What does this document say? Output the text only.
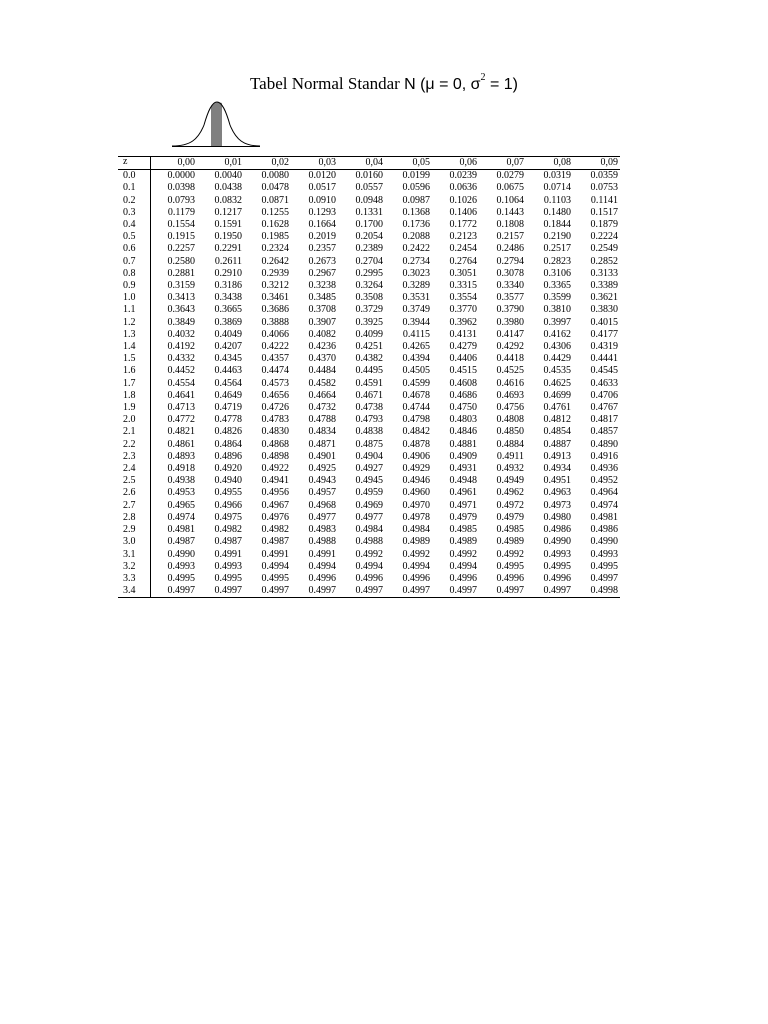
Tabel Normal Standar N (μ = 0, $\sigma^2 = 1$)
z	0,00	0,01	0,02	0,03	0,04	0,05	0,06	0,07	0,08	0,09
0.0	0.0000	0.0040	0.0080	0.0120	0.0160	0.0199	0.0239	0.0279	0.0319	0.0359
0.1	0.0398	0.0438	0.0478	0.0517	0.0557	0.0596	0.0636	0.0675	0.0714	0.0753
0.2	0.0793	0.0832	0.0871	0.0910	0.0948	0.0987	0.1026	0.1064	0.1103	0.1141
0.3	0.1179	0.1217	0.1255	0.1293	0.1331	0.1368	0.1406	0.1443	0.1480	0.1517
0.4	0.1554	0.1591	0.1628	0.1664	0.1700	0.1736	0.1772	0.1808	0.1844	0.1879
0.5	0.1915	0.1950	0.1985	0.2019	0.2054	0.2088	0.2123	0.2157	0.2190	0.2224
0.6	0.2257	0.2291	0.2324	0.2357	0.2389	0.2422	0.2454	0.2486	0.2517	0.2549
0.7	0.2580	0.2611	0.2642	0.2673	0.2704	0.2734	0.2764	0.2794	0.2823	0.2852
0.8	0.2881	0.2910	0.2939	0.2967	0.2995	0.3023	0.3051	0.3078	0.3106	0.3133
0.9	0.3159	0.3186	0.3212	0.3238	0.3264	0.3289	0.3315	0.3340	0.3365	0.3389
1.0	0.3413	0.3438	0.3461	0.3485	0.3508	0.3531	0.3554	0.3577	0.3599	0.3621
1.1	0.3643	0.3665	0.3686	0.3708	0.3729	0.3749	0.3770	0.3790	0.3810	0.3830
1.2	0.3849	0.3869	0.3888	0.3907	0.3925	0.3944	0.3962	0.3980	0.3997	0.4015
1.3	0.4032	0.4049	0.4066	0.4082	0.4099	0.4115	0.4131	0.4147	0.4162	0.4177
1.4	0.4192	0.4207	0.4222	0.4236	0.4251	0.4265	0.4279	0.4292	0.4306	0.4319
1.5	0.4332	0.4345	0.4357	0.4370	0.4382	0.4394	0.4406	0.4418	0.4429	0.4441
1.6	0.4452	0.4463	0.4474	0.4484	0.4495	0.4505	0.4515	0.4525	0.4535	0.4545
1.7	0.4554	0.4564	0.4573	0.4582	0.4591	0.4599	0.4608	0.4616	0.4625	0.4633
1.8	0.4641	0.4649	0.4656	0.4664	0.4671	0.4678	0.4686	0.4693	0.4699	0.4706
1.9	0.4713	0.4719	0.4726	0.4732	0.4738	0.4744	0.4750	0.4756	0.4761	0.4767
2.0	0.4772	0.4778	0.4783	0.4788	0.4793	0.4798	0.4803	0.4808	0.4812	0.4817
2.1	0.4821	0.4826	0.4830	0.4834	0.4838	0.4842	0.4846	0.4850	0.4854	0.4857
2.2	0.4861	0.4864	0.4868	0.4871	0.4875	0.4878	0.4881	0.4884	0.4887	0.4890
2.3	0.4893	0.4896	0.4898	0.4901	0.4904	0.4906	0.4909	0.4911	0.4913	0.4916
2.4	0.4918	0.4920	0.4922	0.4925	0.4927	0.4929	0.4931	0.4932	0.4934	0.4936
2.5	0.4938	0.4940	0.4941	0.4943	0.4945	0.4946	0.4948	0.4949	0.4951	0.4952
2.6	0.4953	0.4955	0.4956	0.4957	0.4959	0.4960	0.4961	0.4962	0.4963	0.4964
2.7	0.4965	0.4966	0.4967	0.4968	0.4969	0.4970	0.4971	0.4972	0.4973	0.4974
2.8	0.4974	0.4975	0.4976	0.4977	0.4977	0.4978	0.4979	0.4979	0.4980	0.4981
2.9	0.4981	0.4982	0.4982	0.4983	0.4984	0.4984	0.4985	0.4985	0.4986	0.4986
3.0	0.4987	0.4987	0.4987	0.4988	0.4988	0.4989	0.4989	0.4989	0.4990	0.4990
3.1	0.4990	0.4991	0.4991	0.4991	0.4992	0.4992	0.4992	0.4992	0.4993	0.4993
3.2	0.4993	0.4993	0.4994	0.4994	0.4994	0.4994	0.4994	0.4995	0.4995	0.4995
3.3	0.4995	0.4995	0.4995	0.4996	0.4996	0.4996	0.4996	0.4996	0.4996	0.4997
3.4	0.4997	0.4997	0.4997	0.4997	0.4997	0.4997	0.4997	0.4997	0.4997	0.4998
